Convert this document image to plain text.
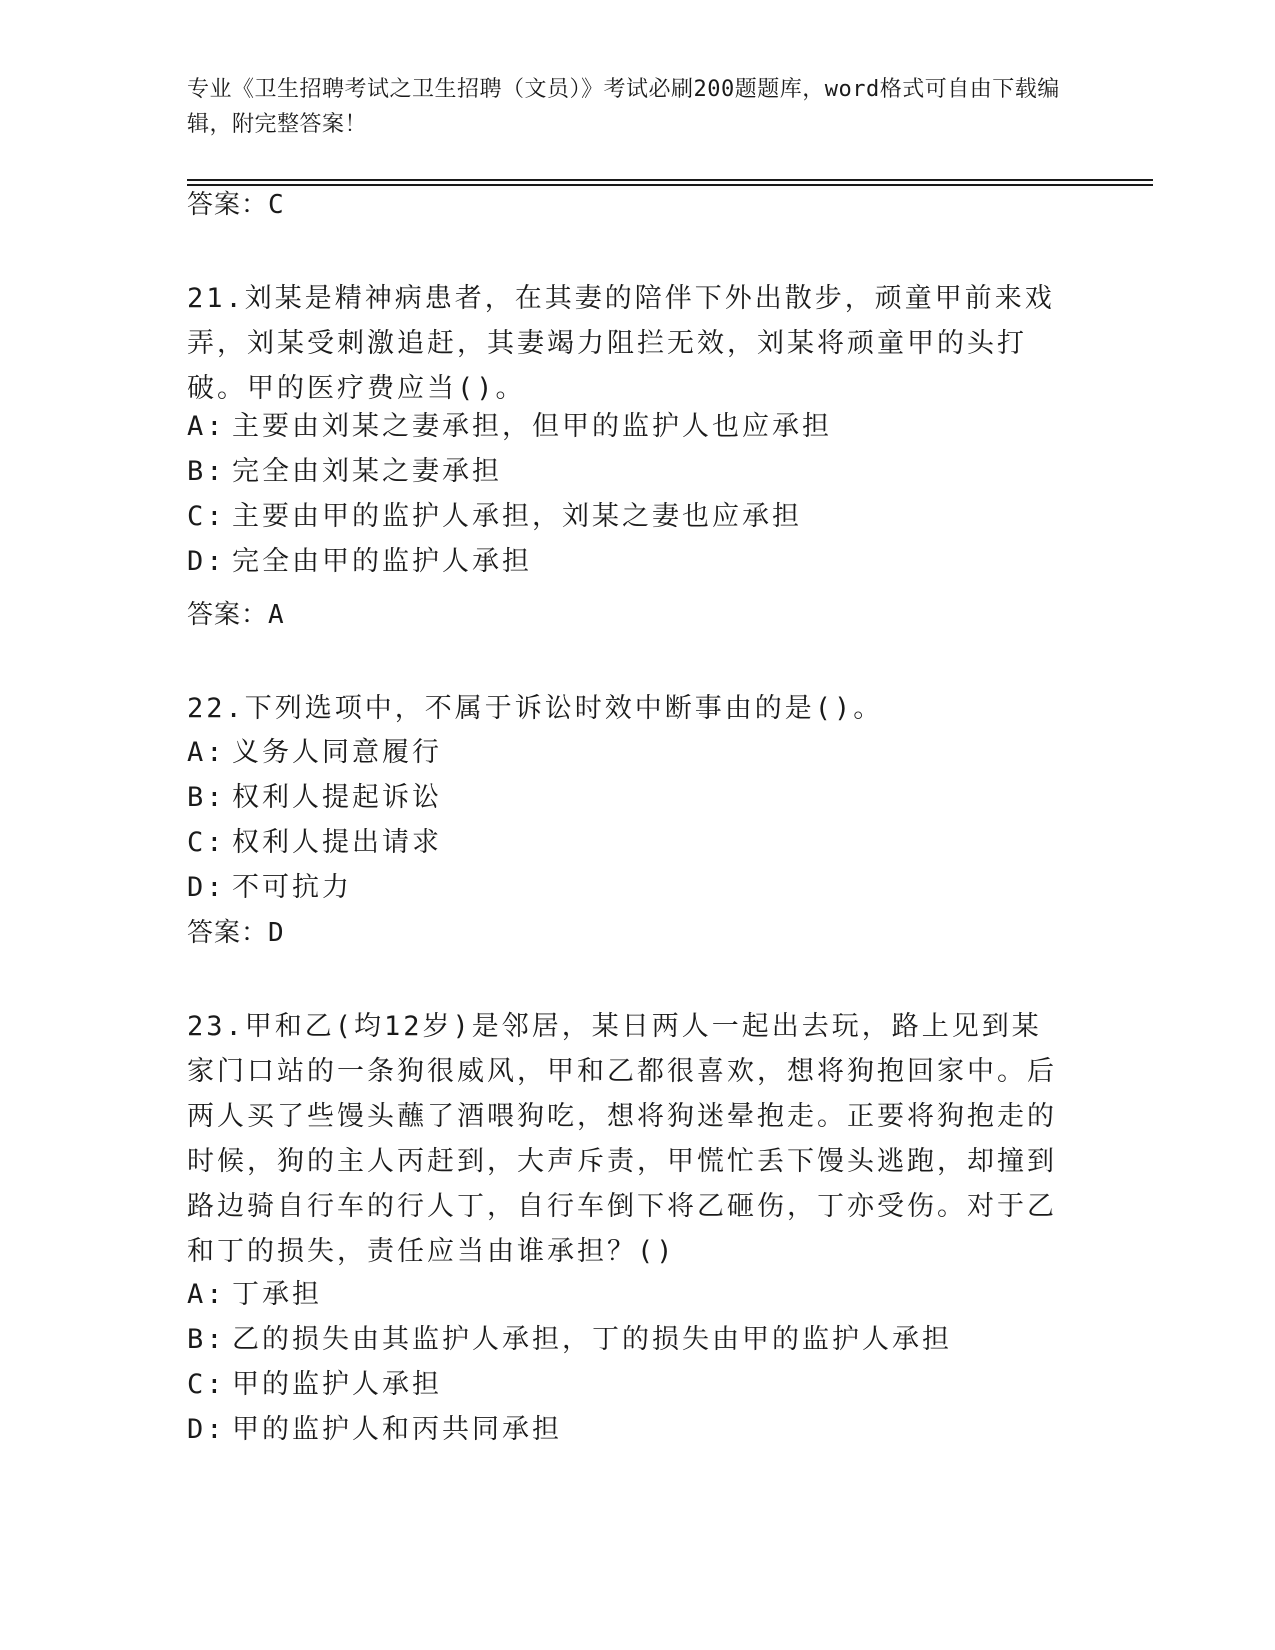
专业《卫生招聘考试之卫生招聘（文员）》考试必刷200题题库，word格式可自由下载编辑，附完整答案！
答案：C
21.刘某是精神病患者，在其妻的陪伴下外出散步，顽童甲前来戏弄，刘某受刺激追赶，其妻竭力阻拦无效，刘某将顽童甲的头打破。甲的医疗费应当()。
A: 主要由刘某之妻承担，但甲的监护人也应承担
B: 完全由刘某之妻承担
C: 主要由甲的监护人承担，刘某之妻也应承担
D: 完全由甲的监护人承担
答案：A
22.下列选项中，不属于诉讼时效中断事由的是()。
A: 义务人同意履行
B: 权利人提起诉讼
C: 权利人提出请求
D: 不可抗力
答案：D
23.甲和乙(均12岁)是邻居，某日两人一起出去玩，路上见到某家门口站的一条狗很威风，甲和乙都很喜欢，想将狗抱回家中。后两人买了些馒头蘸了酒喂狗吃，想将狗迷晕抱走。正要将狗抱走的时候，狗的主人丙赶到，大声斥责，甲慌忙丢下馒头逃跑，却撞到路边骑自行车的行人丁，自行车倒下将乙砸伤，丁亦受伤。对于乙和丁的损失，责任应当由谁承担？()
A: 丁承担
B: 乙的损失由其监护人承担，丁的损失由甲的监护人承担
C: 甲的监护人承担
D: 甲的监护人和丙共同承担
